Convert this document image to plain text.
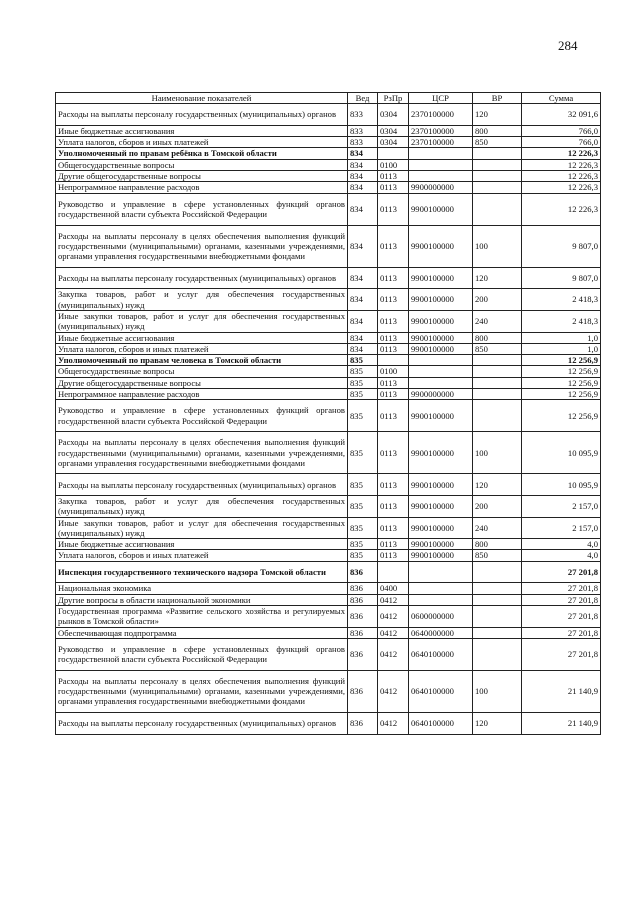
284
Наименование показателей	Вед	РзПр	ЦСР	ВР	Сумма
Расходы на выплаты персоналу государственных (муниципальных) органов	833	0304	2370100000	120	32 091,6
Иные бюджетные ассигнования	833	0304	2370100000	800	766,0
Уплата налогов, сборов и иных платежей	833	0304	2370100000	850	766,0
Уполномоченный по правам ребёнка в Томской области	834				12 226,3
Общегосударственные вопросы	834	0100			12 226,3
Другие общегосударственные вопросы	834	0113			12 226,3
Непрограммное направление расходов	834	0113	9900000000		12 226,3
Руководство и управление в сфере установленных функций органов государственной власти субъекта Российской Федерации	834	0113	9900100000		12 226,3
Расходы на выплаты персоналу в целях обеспечения выполнения функций государственными (муниципальными) органами, казенными учреждениями, органами управления государственными внебюджетными фондами	834	0113	9900100000	100	9 807,0
Расходы на выплаты персоналу государственных (муниципальных) органов	834	0113	9900100000	120	9 807,0
Закупка товаров, работ и услуг для обеспечения государственных (муниципальных) нужд	834	0113	9900100000	200	2 418,3
Иные закупки товаров, работ и услуг для обеспечения государственных (муниципальных) нужд	834	0113	9900100000	240	2 418,3
Иные бюджетные ассигнования	834	0113	9900100000	800	1,0
Уплата налогов, сборов и иных платежей	834	0113	9900100000	850	1,0
Уполномоченный по правам человека в Томской области	835				12 256,9
Общегосударственные вопросы	835	0100			12 256,9
Другие общегосударственные вопросы	835	0113			12 256,9
Непрограммное направление расходов	835	0113	9900000000		12 256,9
Руководство и управление в сфере установленных функций органов государственной власти субъекта Российской Федерации	835	0113	9900100000		12 256,9
Расходы на выплаты персоналу в целях обеспечения выполнения функций государственными (муниципальными) органами, казенными учреждениями, органами управления государственными внебюджетными фондами	835	0113	9900100000	100	10 095,9
Расходы на выплаты персоналу государственных (муниципальных) органов	835	0113	9900100000	120	10 095,9
Закупка товаров, работ и услуг для обеспечения государственных (муниципальных) нужд	835	0113	9900100000	200	2 157,0
Иные закупки товаров, работ и услуг для обеспечения государственных (муниципальных) нужд	835	0113	9900100000	240	2 157,0
Иные бюджетные ассигнования	835	0113	9900100000	800	4,0
Уплата налогов, сборов и иных платежей	835	0113	9900100000	850	4,0
Инспекция государственного технического надзора Томской области	836				27 201,8
Национальная экономика	836	0400			27 201,8
Другие вопросы в области национальной экономики	836	0412			27 201,8
Государственная программа «Развитие сельского хозяйства и регулируемых рынков в Томской области»	836	0412	0600000000		27 201,8
Обеспечивающая подпрограмма	836	0412	0640000000		27 201,8
Руководство и управление в сфере установленных функций органов государственной власти субъекта Российской Федерации	836	0412	0640100000		27 201,8
Расходы на выплаты персоналу в целях обеспечения выполнения функций государственными (муниципальными) органами, казенными учреждениями, органами управления государственными внебюджетными фондами	836	0412	0640100000	100	21 140,9
Расходы на выплаты персоналу государственных (муниципальных) органов	836	0412	0640100000	120	21 140,9
